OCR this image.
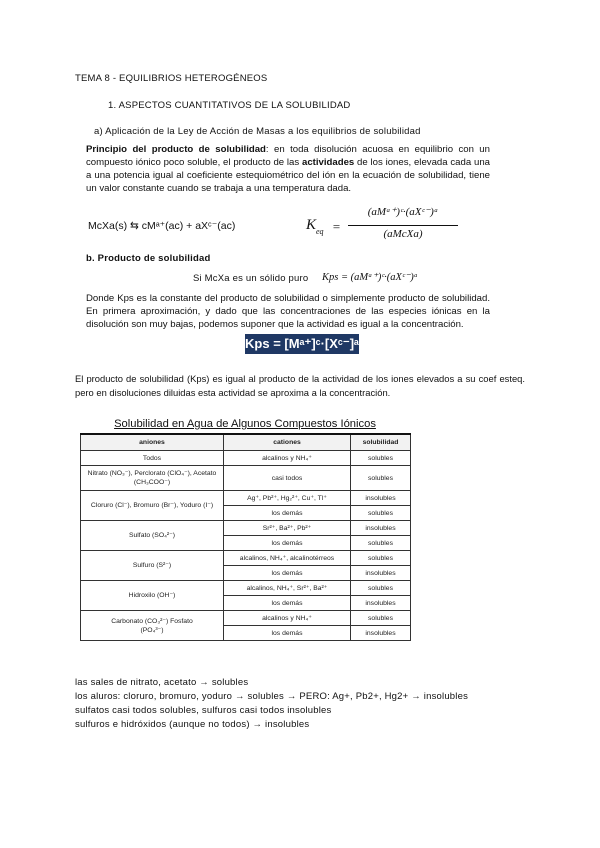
TEMA 8 - EQUILIBRIOS HETEROGÉNEOS
1. ASPECTOS CUANTITATIVOS DE LA SOLUBILIDAD
a) Aplicación de la Ley de Acción de Masas a los equilibrios de solubilidad
Principio del producto de solubilidad: en toda disolución acuosa en equilibrio con un compuesto iónico poco soluble, el producto de las actividades de los iones, elevada cada una a una potencia igual al coeficiente estequiométrico del ión en la ecuación de solubilidad, tiene un valor constante cuando se trabaja a una temperatura dada.
McXa(s) ⇆ cMᵃ⁺(ac) + aXᶜ⁻(ac)	K eq =
(aMᵃ⁺)ᶜ·(aXᶜ⁻)ᵃ
(aMcXa)
b. Producto de solubilidad
Si McXa es un sólido puro Kps = (aMᵃ⁺)ᶜ·(aXᶜ⁻)ᵃ
Donde Kps es la constante del producto de solubilidad o simplemente producto de solubilidad. En primera aproximación, y dado que las concentraciones de las especies iónicas en la disolución son muy bajas, podemos suponer que la actividad es igual a la concentración.
Kps = [Mᵃ⁺]ᶜ·[Xᶜ⁻]ᵃ
El producto de solubilidad (Kps) es igual al producto de la actividad de los iones elevados a su coef esteq. pero en disoluciones diluidas esta actividad se aproxima a la concentración.
Solubilidad en Agua de Algunos Compuestos Iónicos
aniones	cationes	solubilidad
Todos	alcalinos y NH₄⁺	solubles
Nitrato (NO₃⁻), Perclorato (ClO₄⁻), Acetato (CH₃COO⁻)	casi todos	solubles
Cloruro (Cl⁻), Bromuro (Br⁻), Yoduro (I⁻)	Ag⁺, Pb²⁺, Hg₂²⁺, Cu⁺, Tl⁺	insolubles
	los demás	solubles
Sulfato (SO₄²⁻)	Sr²⁺, Ba²⁺, Pb²⁺	insolubles
	los demás	solubles
Sulfuro (S²⁻)	alcalinos, NH₄⁺, alcalinotérreos	solubles
	los demás	insolubles
Hidroxilo (OH⁻)	alcalinos, NH₄⁺, Sr²⁺, Ba²⁺	solubles
	los demás	insolubles
Carbonato (CO₃²⁻) Fosfato (PO₄³⁻)	alcalinos y NH₄⁺	solubles
	los demás	insolubles
las sales de nitrato, acetato → solubles
los aluros: cloruro, bromuro, yoduro → solubles → PERO: Ag+, Pb2+, Hg2+ → insolubles
sulfatos casi todos solubles, sulfuros casi todos insolubles
sulfuros e hidróxidos (aunque no todos) → insolubles
